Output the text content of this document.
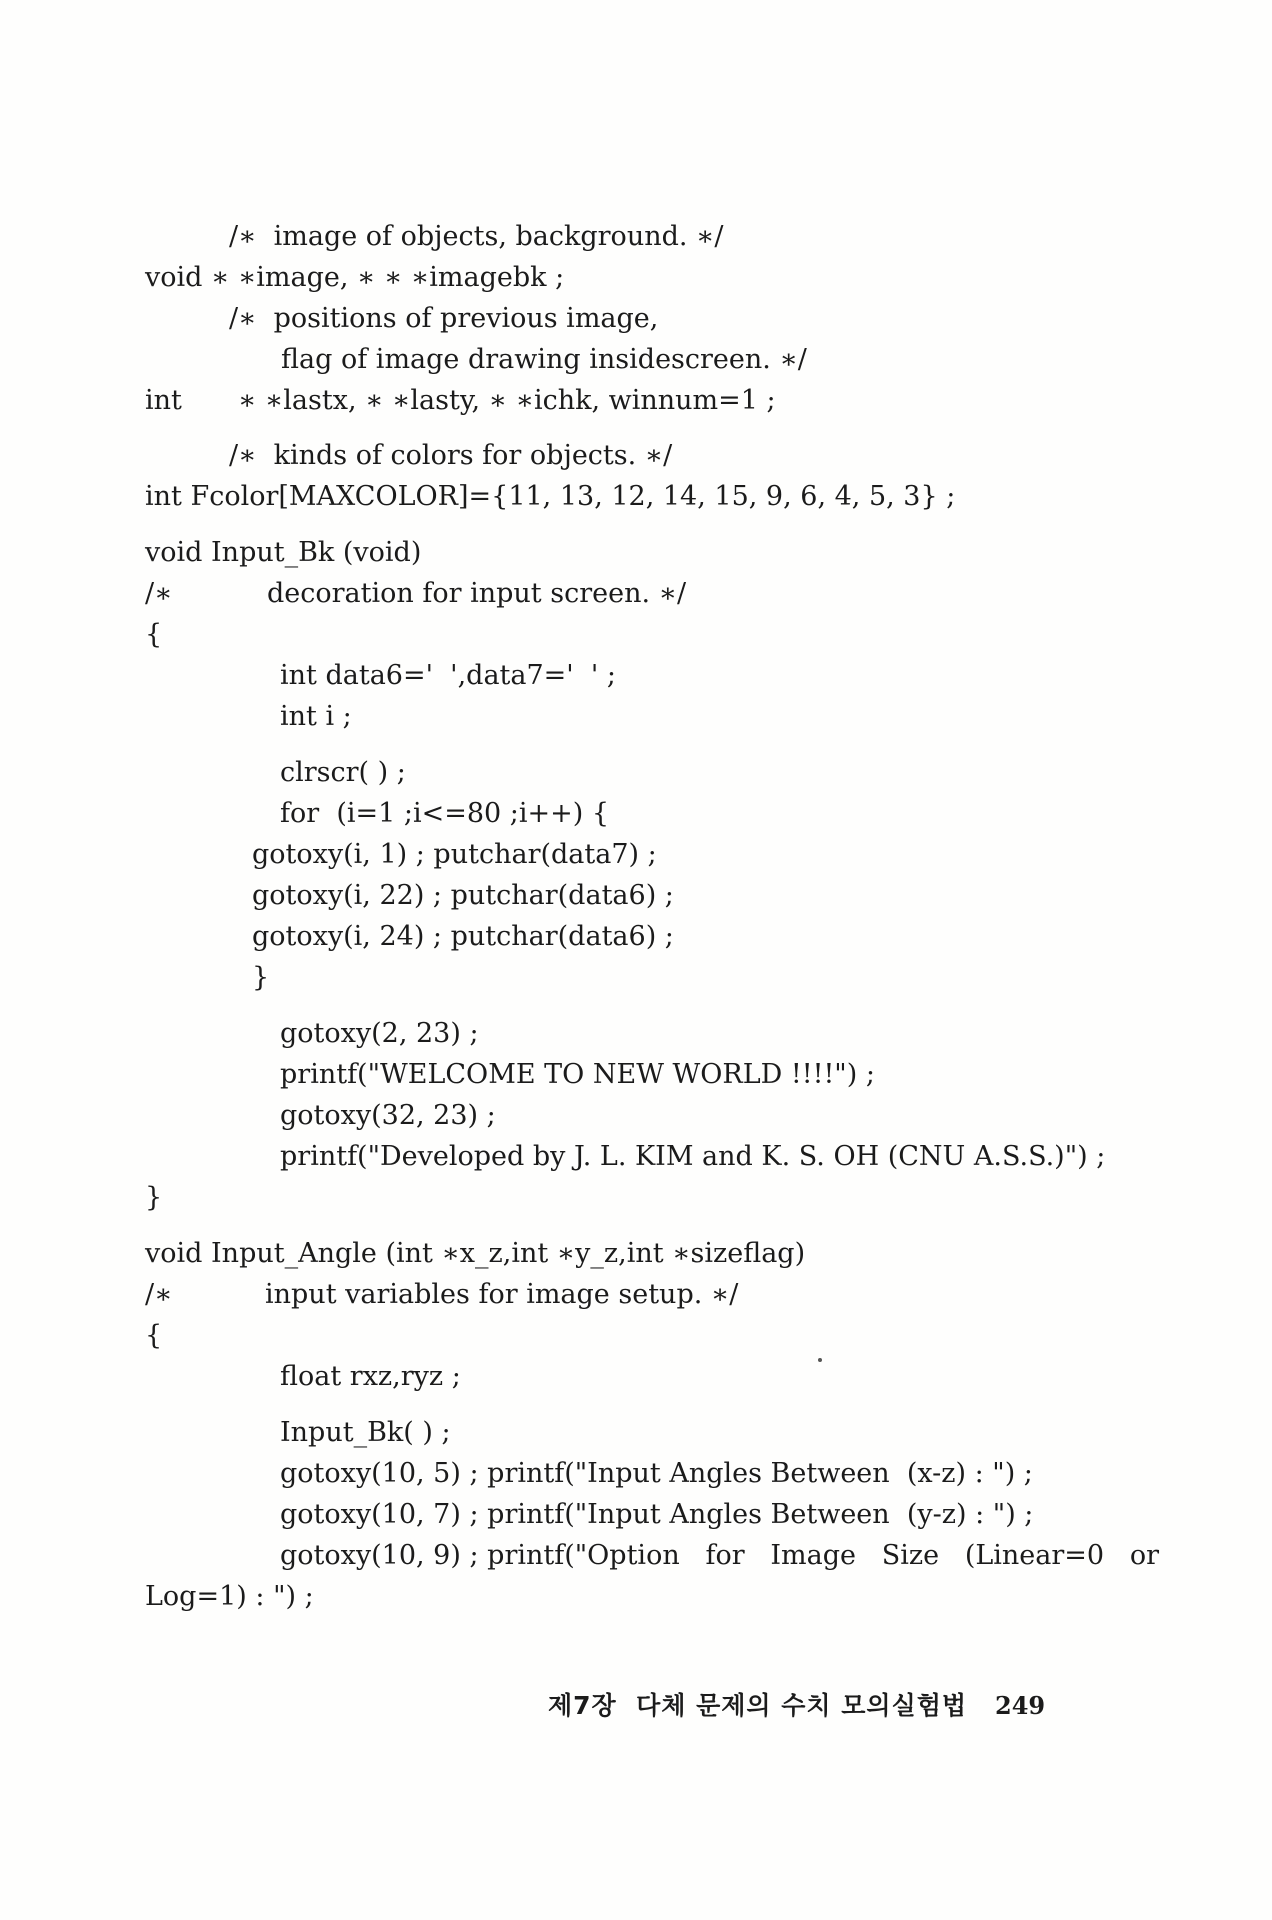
/∗  image of objects, background. ∗/
void ∗ ∗image, ∗ ∗ ∗imagebk ;
/∗  positions of previous image,
flag of image drawing insidescreen. ∗/
int ∗ ∗lastx, ∗ ∗lasty, ∗ ∗ichk, winnum=1 ;
/∗  kinds of colors for objects. ∗/
int Fcolor[MAXCOLOR]={11, 13, 12, 14, 15, 9, 6, 4, 5, 3} ;
void Input_Bk (void)
/∗	decoration for input screen. ∗/
{
int data6='  ',data7='  ' ;
int i ;
clrscr( ) ;
for  (i=1 ;i<=80 ;i++) {
gotoxy(i, 1) ; putchar(data7) ;
gotoxy(i, 22) ; putchar(data6) ;
gotoxy(i, 24) ; putchar(data6) ;
}
gotoxy(2, 23) ;
printf("WELCOME TO NEW WORLD !!!!") ;
gotoxy(32, 23) ;
printf("Developed by J. L. KIM and K. S. OH (CNU A.S.S.)") ;
}
void Input_Angle (int ∗x_z,int ∗y_z,int ∗sizeflag)
/∗	input variables for image setup. ∗/
{
float rxz,ryz ;
Input_Bk( ) ;
gotoxy(10, 5) ; printf("Input Angles Between  (x-z) : ") ;
gotoxy(10, 7) ; printf("Input Angles Between  (y-z) : ") ;
gotoxy(10, 9) ; printf("Option   for   Image   Size   (Linear=0   or
Log=1) : ") ;
제7장  다체 문제의 수치 모의실험법 249
